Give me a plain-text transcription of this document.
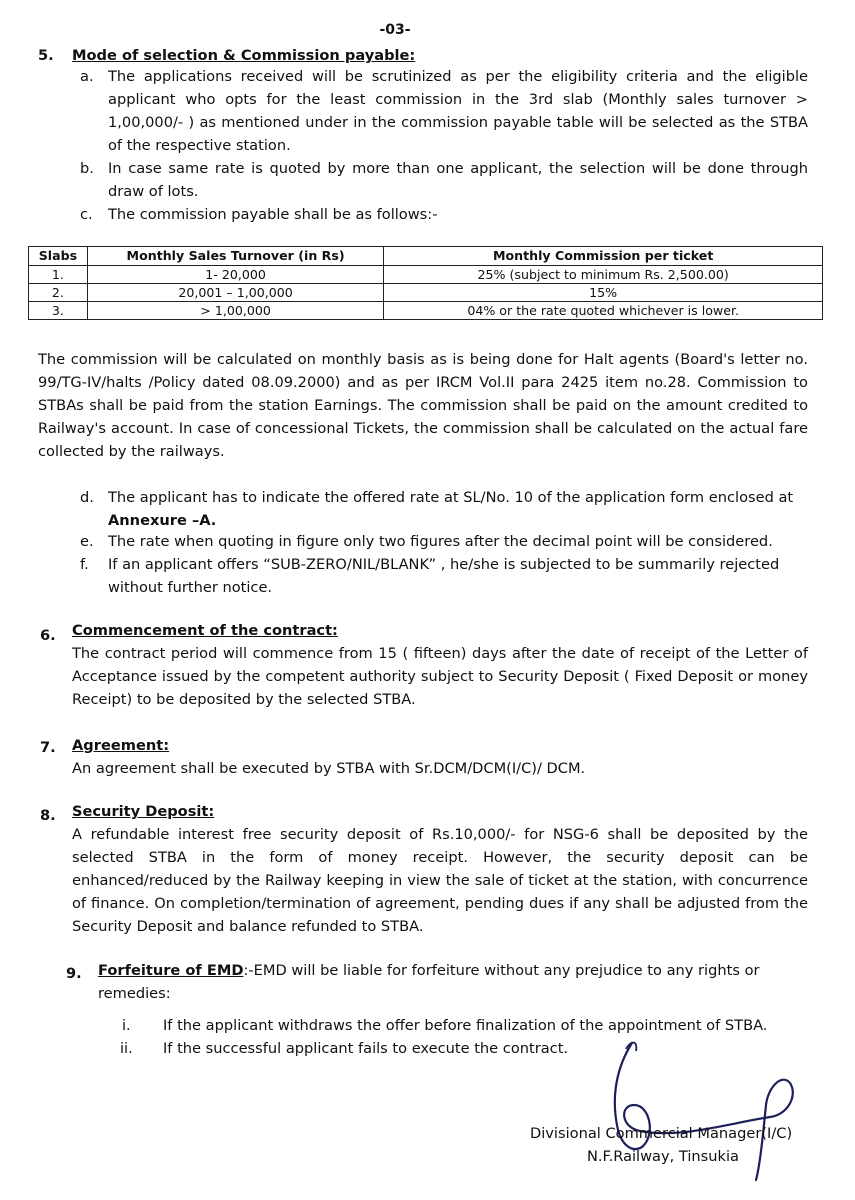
-03-
5. Mode of selection & Commission payable:
a. The applications received will be scrutinized as per the eligibility criteria and the eligible applicant who opts for the least commission in the 3rd slab (Monthly sales turnover > 1,00,000/- ) as mentioned under in the commission payable table will be selected as the STBA of the respective station.
b. In case same rate is quoted by more than one applicant, the selection will be done through draw of lots.
c. The commission payable shall be as follows:-
Slabs	Monthly Sales Turnover (in Rs)	Monthly Commission per ticket
1.	1- 20,000	25% (subject to minimum Rs. 2,500.00)
2.	20,001 – 1,00,000	15%
3.	> 1,00,000	04% or the rate quoted whichever is lower.
The commission will be calculated on monthly basis as is being done for Halt agents (Board's letter no. 99/TG-IV/halts /Policy dated 08.09.2000) and as per IRCM Vol.II para 2425 item no.28. Commission to STBAs shall be paid from the station Earnings. The commission shall be paid on the amount credited to Railway's account. In case of concessional Tickets, the commission shall be calculated on the actual fare collected by the railways.
d. The applicant has to indicate the offered rate at SL/No. 10 of the application form enclosed at
Annexure –A.
e. The rate when quoting in figure only two figures after the decimal point will be considered.
f. If an applicant offers “SUB-ZERO/NIL/BLANK” , he/she is subjected to be summarily rejected without further notice.
6. Commencement of the contract:
The contract period will commence from 15 ( fifteen) days after the date of receipt of the Letter of Acceptance issued by the competent authority subject to Security Deposit ( Fixed Deposit or money Receipt) to be deposited by the selected STBA.
7. Agreement:
An agreement shall be executed by STBA with Sr.DCM/DCM(I/C)/ DCM.
8. Security Deposit:
A refundable interest free security deposit of Rs.10,000/- for NSG-6 shall be deposited by the selected STBA in the form of money receipt. However, the security deposit can be enhanced/reduced by the Railway keeping in view the sale of ticket at the station, with concurrence of finance. On completion/termination of agreement, pending dues if any shall be adjusted from the Security Deposit and balance refunded to STBA.
9. Forfeiture of EMD:-EMD will be liable for forfeiture without any prejudice to any rights or
remedies:
i. If the applicant withdraws the offer before finalization of the appointment of STBA.
ii. If the successful applicant fails to execute the contract.
Divisional Commercial Manager(I/C)
N.F.Railway, Tinsukia
